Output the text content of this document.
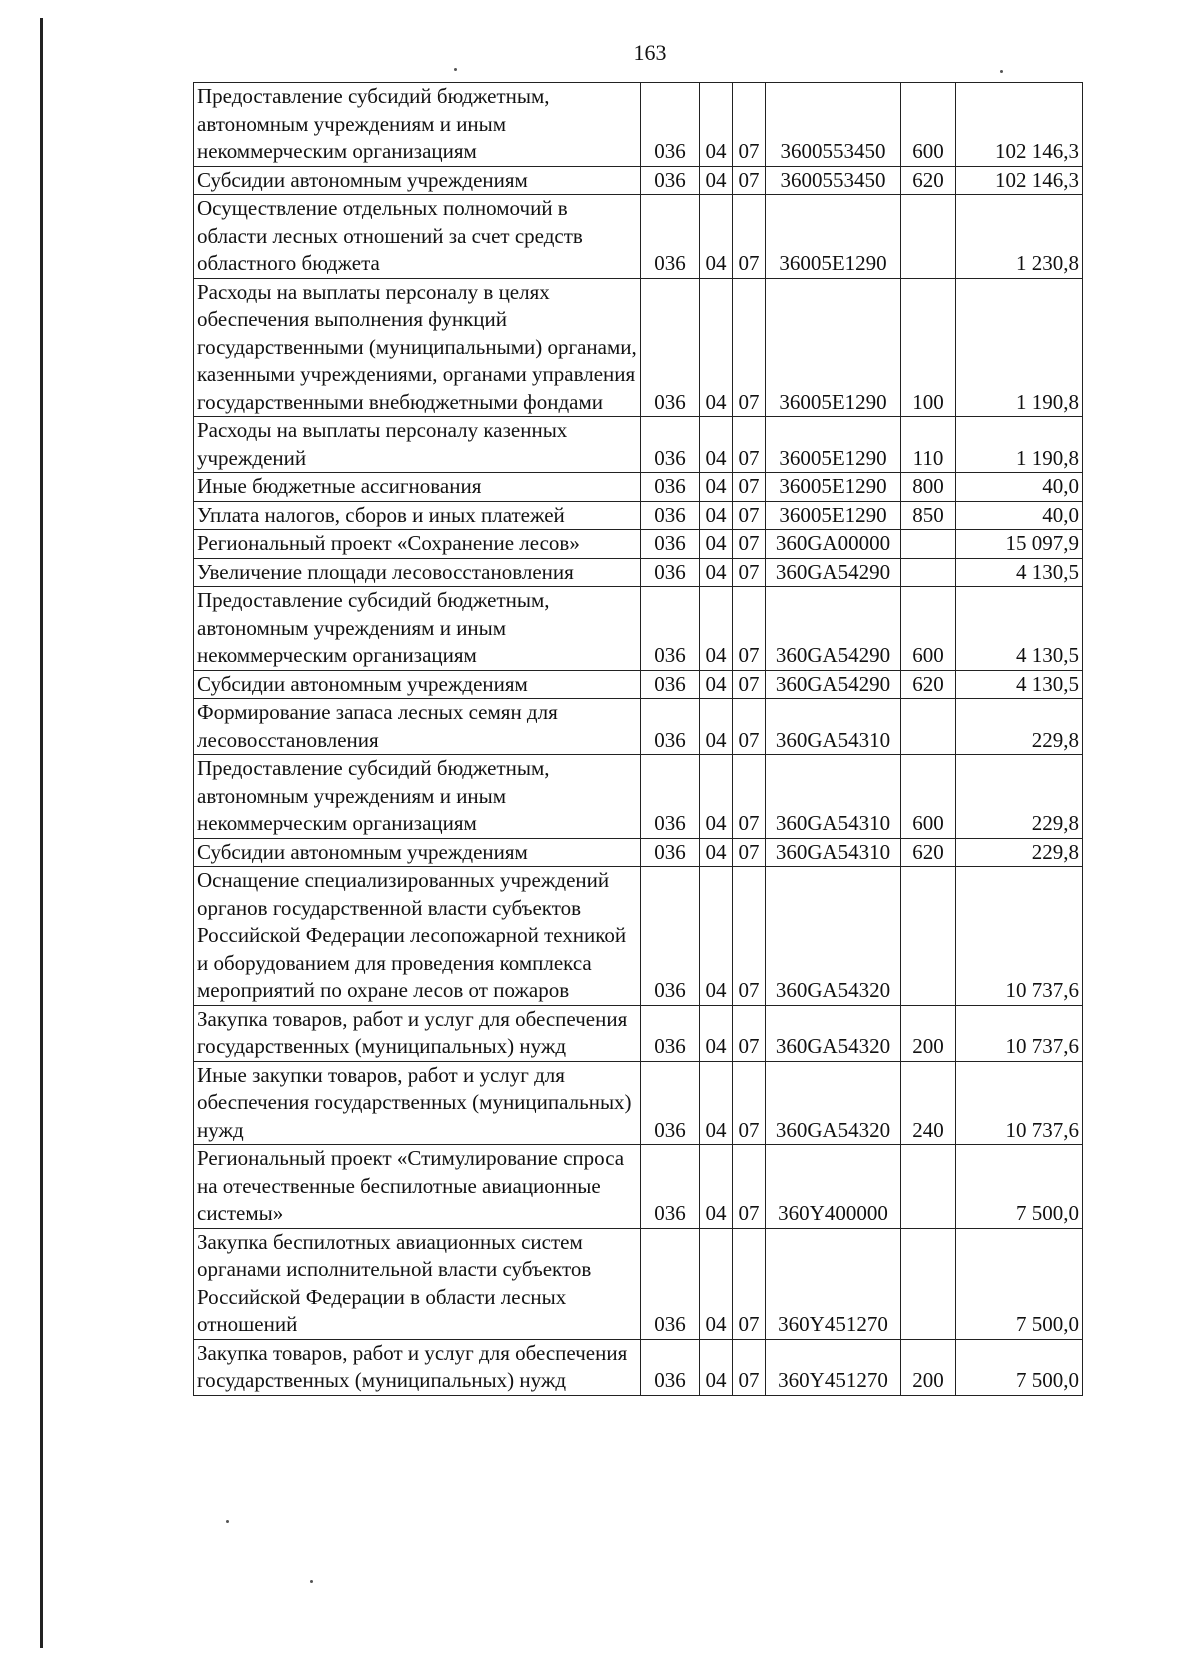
163
Предоставление субсидий бюджетным, автономным учреждениям и иным некоммерческим организациям	036	04	07	3600553450	600	102 146,3
Субсидии автономным учреждениям	036	04	07	3600553450	620	102 146,3
Осуществление отдельных полномочий в области лесных отношений за счет средств областного бюджета	036	04	07	36005E1290		1 230,8
Расходы на выплаты персоналу в целях обеспечения выполнения функций государственными (муниципальными) органами, казенными учреждениями, органами управления государственными внебюджетными фондами	036	04	07	36005E1290	100	1 190,8
Расходы на выплаты персоналу казенных учреждений	036	04	07	36005E1290	110	1 190,8
Иные бюджетные ассигнования	036	04	07	36005E1290	800	40,0
Уплата налогов, сборов и иных платежей	036	04	07	36005E1290	850	40,0
Региональный проект «Сохранение лесов»	036	04	07	360GA00000		15 097,9
Увеличение площади лесовосстановления	036	04	07	360GA54290		4 130,5
Предоставление субсидий бюджетным, автономным учреждениям и иным некоммерческим организациям	036	04	07	360GA54290	600	4 130,5
Субсидии автономным учреждениям	036	04	07	360GA54290	620	4 130,5
Формирование запаса лесных семян для лесовосстановления	036	04	07	360GA54310		229,8
Предоставление субсидий бюджетным, автономным учреждениям и иным некоммерческим организациям	036	04	07	360GA54310	600	229,8
Субсидии автономным учреждениям	036	04	07	360GA54310	620	229,8
Оснащение специализированных учреждений органов государственной власти субъектов Российской Федерации лесопожарной техникой и оборудованием для проведения комплекса мероприятий по охране лесов от пожаров	036	04	07	360GA54320		10 737,6
Закупка товаров, работ и услуг для обеспечения государственных (муниципальных) нужд	036	04	07	360GA54320	200	10 737,6
Иные закупки товаров, работ и услуг для обеспечения государственных (муниципальных) нужд	036	04	07	360GA54320	240	10 737,6
Региональный проект «Стимулирование спроса на отечественные беспилотные авиационные системы»	036	04	07	360Y400000		7 500,0
Закупка беспилотных авиационных систем органами исполнительной власти субъектов Российской Федерации в области лесных отношений	036	04	07	360Y451270		7 500,0
Закупка товаров, работ и услуг для обеспечения государственных (муниципальных) нужд	036	04	07	360Y451270	200	7 500,0
